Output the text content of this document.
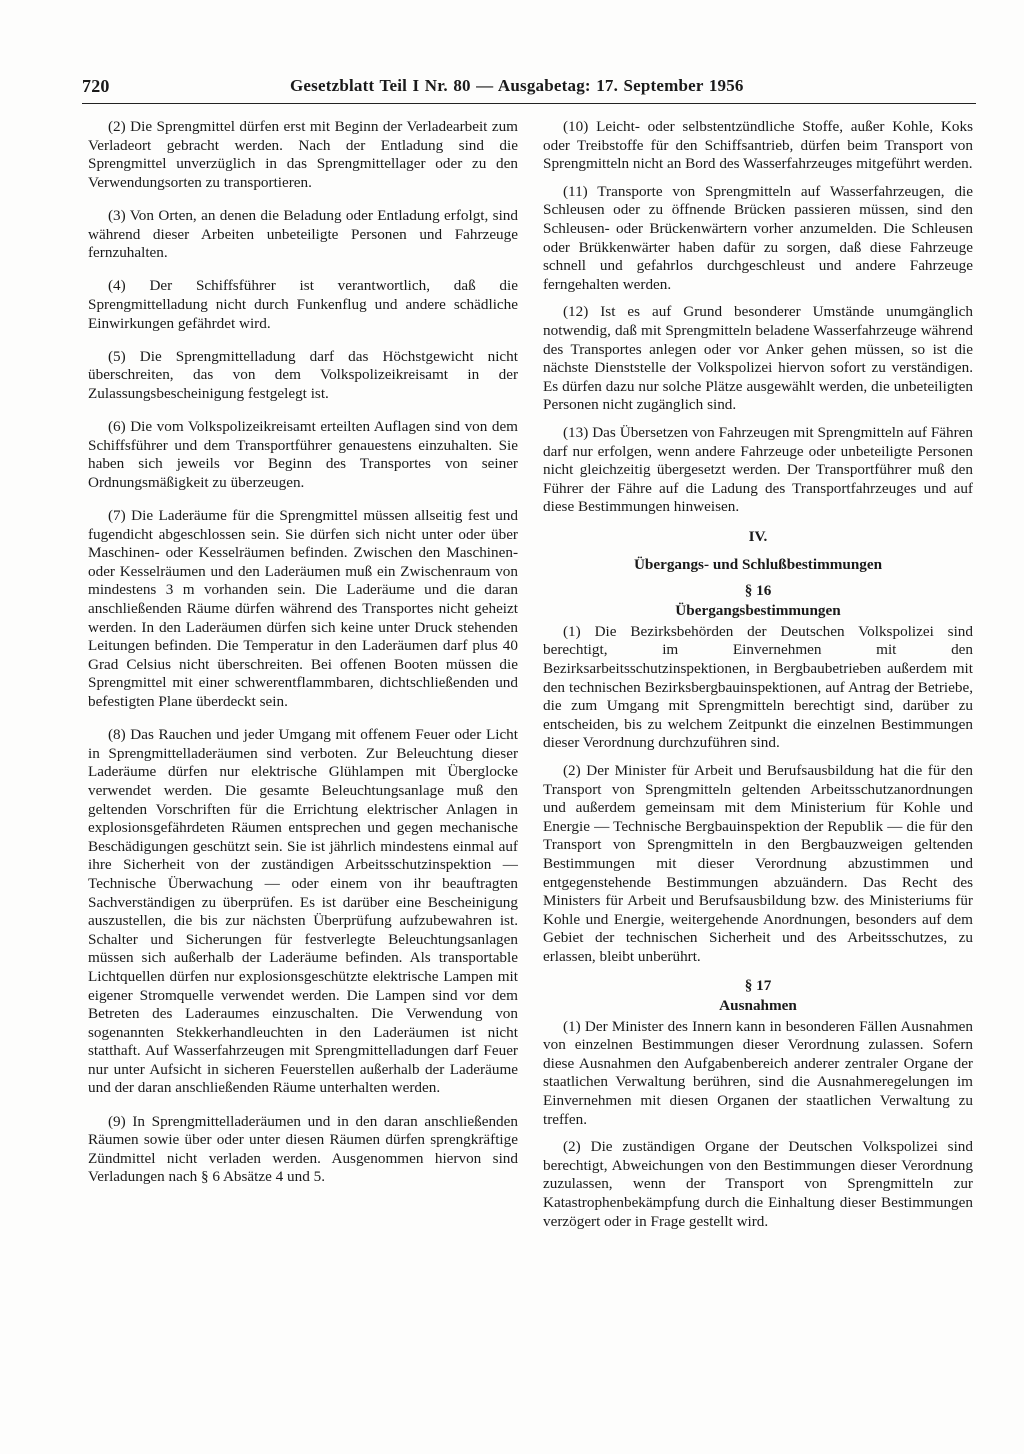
720	Gesetzblatt Teil I Nr. 80 — Ausgabetag: 17. September 1956

(2) Die Sprengmittel dürfen erst mit Beginn der Verladearbeit zum Verladeort gebracht werden. Nach der Entladung sind die Sprengmittel unverzüglich in das Sprengmittellager oder zu den Verwendungsorten zu transportieren.

(3) Von Orten, an denen die Beladung oder Entladung erfolgt, sind während dieser Arbeiten unbeteiligte Personen und Fahrzeuge fernzuhalten.

(4) Der Schiffsführer ist verantwortlich, daß die Sprengmittelladung nicht durch Funkenflug und andere schädliche Einwirkungen gefährdet wird.

(5) Die Sprengmittelladung darf das Höchstgewicht nicht überschreiten, das von dem Volkspolizeikreisamt in der Zulassungsbescheinigung festgelegt ist.

(6) Die vom Volkspolizeikreisamt erteilten Auflagen sind von dem Schiffsführer und dem Transportführer genauestens einzuhalten. Sie haben sich jeweils vor Beginn des Transportes von seiner Ordnungsmäßigkeit zu überzeugen.

(7) Die Laderäume für die Sprengmittel müssen allseitig fest und fugendicht abgeschlossen sein. Sie dürfen sich nicht unter oder über Maschinen- oder Kesselräumen befinden. Zwischen den Maschinen- oder Kesselräumen und den Laderäumen muß ein Zwischenraum von mindestens 3 m vorhanden sein. Die Laderäume und die daran anschließenden Räume dürfen während des Transportes nicht geheizt werden. In den Laderäumen dürfen sich keine unter Druck stehenden Leitungen befinden. Die Temperatur in den Laderäumen darf plus 40 Grad Celsius nicht überschreiten. Bei offenen Booten müssen die Sprengmittel mit einer schwerentflammbaren, dichtschließenden und befestigten Plane überdeckt sein.

(8) Das Rauchen und jeder Umgang mit offenem Feuer oder Licht in Sprengmittelladeräumen sind verboten. Zur Beleuchtung dieser Laderäume dürfen nur elektrische Glühlampen mit Überglocke verwendet werden. Die gesamte Beleuchtungsanlage muß den geltenden Vorschriften für die Errichtung elektrischer Anlagen in explosionsgefährdeten Räumen entsprechen und gegen mechanische Beschädigungen geschützt sein. Sie ist jährlich mindestens einmal auf ihre Sicherheit von der zuständigen Arbeitsschutzinspektion — Technische Überwachung — oder einem von ihr beauftragten Sachverständigen zu überprüfen. Es ist darüber eine Bescheinigung auszustellen, die bis zur nächsten Überprüfung aufzubewahren ist. Schalter und Sicherungen für festverlegte Beleuchtungsanlagen müssen sich außerhalb der Laderäume befinden. Als transportable Lichtquellen dürfen nur explosionsgeschützte elektrische Lampen mit eigener Stromquelle verwendet werden. Die Lampen sind vor dem Betreten des Laderaumes einzuschalten. Die Verwendung von sogenannten Stekkerhandleuchten in den Laderäumen ist nicht statthaft. Auf Wasserfahrzeugen mit Sprengmittelladungen darf Feuer nur unter Aufsicht in sicheren Feuerstellen außerhalb der Laderäume und der daran anschließenden Räume unterhalten werden.

(9) In Sprengmittelladeräumen und in den daran anschließenden Räumen sowie über oder unter diesen Räumen dürfen sprengkräftige Zündmittel nicht verladen werden. Ausgenommen hiervon sind Verladungen nach § 6 Absätze 4 und 5.

(10) Leicht- oder selbstentzündliche Stoffe, außer Kohle, Koks oder Treibstoffe für den Schiffsantrieb, dürfen beim Transport von Sprengmitteln nicht an Bord des Wasserfahrzeuges mitgeführt werden.

(11) Transporte von Sprengmitteln auf Wasserfahrzeugen, die Schleusen oder zu öffnende Brücken passieren müssen, sind den Schleusen- oder Brückenwärtern vorher anzumelden. Die Schleusen oder Brükkenwärter haben dafür zu sorgen, daß diese Fahrzeuge schnell und gefahrlos durchgeschleust und andere Fahrzeuge ferngehalten werden.

(12) Ist es auf Grund besonderer Umstände unumgänglich notwendig, daß mit Sprengmitteln beladene Wasserfahrzeuge während des Transportes anlegen oder vor Anker gehen müssen, so ist die nächste Dienststelle der Volkspolizei hiervon sofort zu verständigen. Es dürfen dazu nur solche Plätze ausgewählt werden, die unbeteiligten Personen nicht zugänglich sind.

(13) Das Übersetzen von Fahrzeugen mit Sprengmitteln auf Fähren darf nur erfolgen, wenn andere Fahrzeuge oder unbeteiligte Personen nicht gleichzeitig übergesetzt werden. Der Transportführer muß den Führer der Fähre auf die Ladung des Transportfahrzeuges und auf diese Bestimmungen hinweisen.

IV.

Übergangs- und Schlußbestimmungen

§ 16

Übergangsbestimmungen

(1) Die Bezirksbehörden der Deutschen Volkspolizei sind berechtigt, im Einvernehmen mit den Bezirksarbeitsschutzinspektionen, in Bergbaubetrieben außerdem mit den technischen Bezirksbergbauinspektionen, auf Antrag der Betriebe, die zum Umgang mit Sprengmitteln berechtigt sind, darüber zu entscheiden, bis zu welchem Zeitpunkt die einzelnen Bestimmungen dieser Verordnung durchzuführen sind.

(2) Der Minister für Arbeit und Berufsausbildung hat die für den Transport von Sprengmitteln geltenden Arbeitsschutzanordnungen und außerdem gemeinsam mit dem Ministerium für Kohle und Energie — Technische Bergbauinspektion der Republik — die für den Transport von Sprengmitteln in den Bergbauzweigen geltenden Bestimmungen mit dieser Verordnung abzustimmen und entgegenstehende Bestimmungen abzuändern. Das Recht des Ministers für Arbeit und Berufsausbildung bzw. des Ministeriums für Kohle und Energie, weitergehende Anordnungen, besonders auf dem Gebiet der technischen Sicherheit und des Arbeitsschutzes, zu erlassen, bleibt unberührt.

§ 17

Ausnahmen

(1) Der Minister des Innern kann in besonderen Fällen Ausnahmen von einzelnen Bestimmungen dieser Verordnung zulassen. Sofern diese Ausnahmen den Aufgabenbereich anderer zentraler Organe der staatlichen Verwaltung berühren, sind die Ausnahmeregelungen im Einvernehmen mit diesen Organen der staatlichen Verwaltung zu treffen.

(2) Die zuständigen Organe der Deutschen Volkspolizei sind berechtigt, Abweichungen von den Bestimmungen dieser Verordnung zuzulassen, wenn der Transport von Sprengmitteln zur Katastrophenbekämpfung durch die Einhaltung dieser Bestimmungen verzögert oder in Frage gestellt wird.
